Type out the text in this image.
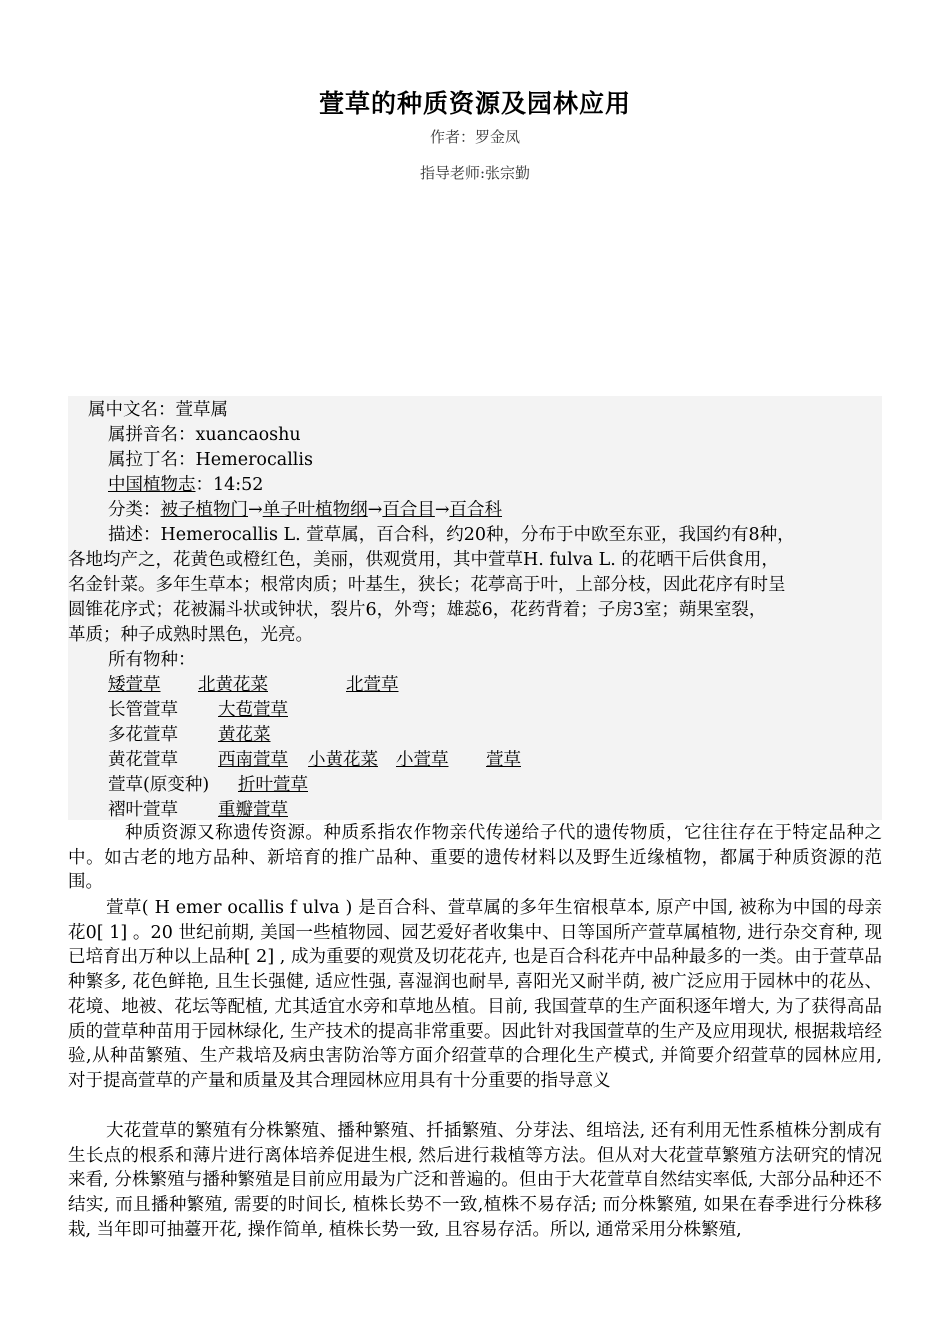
萱草的种质资源及园林应用
作者：罗金凤
指导老师:张宗勤
属中文名：萱草属
属拼音名：xuancaoshu
属拉丁名：Hemerocallis
中国植物志：14:52
分类：被子植物门→单子叶植物纲→百合目→百合科
描述：Hemerocallis L. 萱草属，百合科，约20种，分布于中欧至东亚，我国约有8种，
各地均产之，花黄色或橙红色，美丽，供观赏用，其中萱草H. fulva L. 的花晒干后供食用，
名金针菜。多年生草本；根常肉质；叶基生，狭长；花葶高于叶，上部分枝，因此花序有时呈
圆锥花序式；花被漏斗状或钟状，裂片6，外弯；雄蕊6，花药背着；子房3室；蒴果室裂，
革质；种子成熟时黑色，光亮。
所有物种：
矮萱草 北黄花菜	北萱草
长管萱草 大苞萱草
多花萱草 黄花菜
黄花萱草 西南萱草 小黄花菜 小萱草 萱草
萱草(原变种) 折叶萱草
褶叶萱草 重瓣萱草

种质资源又称遗传资源。种质系指农作物亲代传递给子代的遗传物质，它往往存在于特定品种之中。如古老的地方品种、新培育的推广品种、重要的遗传材料以及野生近缘植物，都属于种质资源的范围。

萱草( H emer ocallis f ulva ) 是百合科、萱草属的多年生宿根草本, 原产中国, 被称为中国的母亲花0[ 1] 。20 世纪前期, 美国一些植物园、园艺爱好者收集中、日等国所产萱草属植物, 进行杂交育种, 现已培育出万种以上品种[ 2] , 成为重要的观赏及切花花卉, 也是百合科花卉中品种最多的一类。由于萱草品种繁多, 花色鲜艳, 且生长强健, 适应性强, 喜湿润也耐旱, 喜阳光又耐半荫, 被广泛应用于园林中的花丛、花境、地被、花坛等配植, 尤其适宜水旁和草地丛植。目前, 我国萱草的生产面积逐年增大, 为了获得高品质的萱草种苗用于园林绿化, 生产技术的提高非常重要。因此针对我国萱草的生产及应用现状, 根据栽培经验,从种苗繁殖、生产栽培及病虫害防治等方面介绍萱草的合理化生产模式, 并简要介绍萱草的园林应用, 对于提高萱草的产量和质量及其合理园林应用具有十分重要的指导意义

大花萱草的繁殖有分株繁殖、播种繁殖、扦插繁殖、分芽法、组培法, 还有利用无性系植株分割成有生长点的根系和薄片进行离体培养促进生根, 然后进行栽植等方法。但从对大花萱草繁殖方法研究的情况来看, 分株繁殖与播种繁殖是目前应用最为广泛和普遍的。但由于大花萱草自然结实率低, 大部分品种还不结实, 而且播种繁殖, 需要的时间长, 植株长势不一致,植株不易存活; 而分株繁殖, 如果在春季进行分株移栽, 当年即可抽薹开花, 操作简单, 植株长势一致, 且容易存活。所以, 通常采用分株繁殖,
